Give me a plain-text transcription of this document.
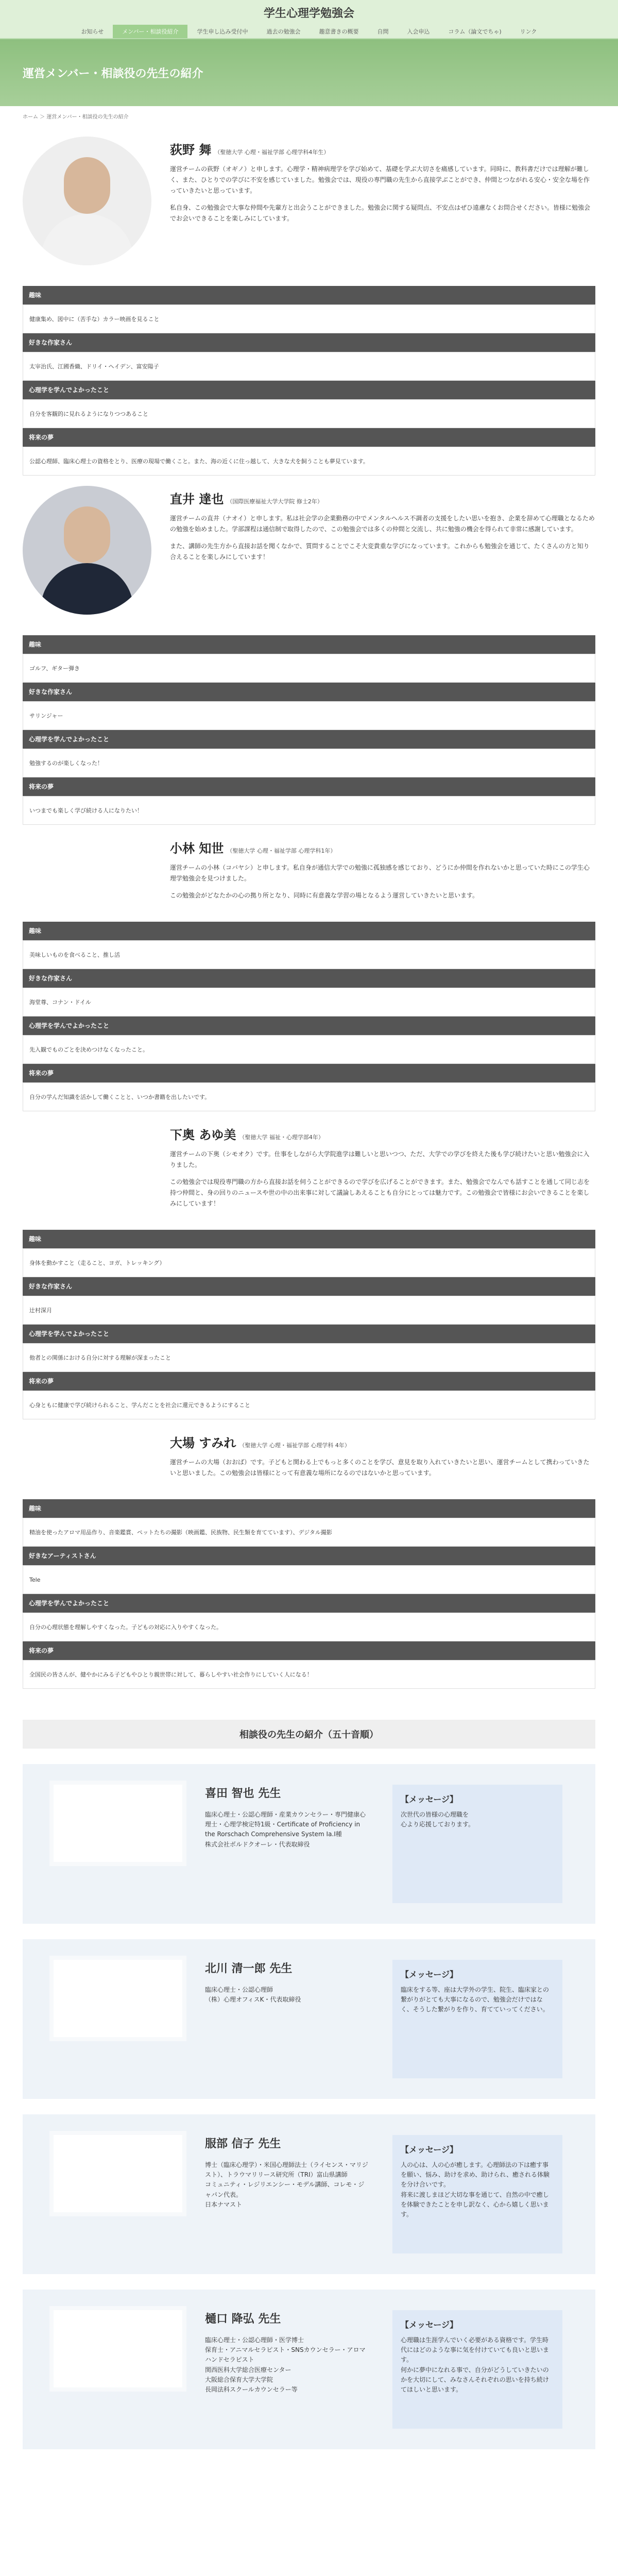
学生心理学勉強会
お知らせ	メンバー・相談役紹介	学生申し込み受付中	過去の勉強会	趣意書きの概要	自問	入会申込	コラム（論文でちゃ)	リンク
運営メンバー・相談役の先生の紹介
ホーム ＞ 運営メンバー・相談役の先生の紹介
荻野 舞 （聖徳大学 心理・福祉学部 心理学科4年生）

運営チームの荻野（オギノ）と申します。心理学・精神病理学を学び始めて、基礎を学ぶ大切さを痛感しています。同時に、教科書だけでは理解が難しく、また、ひとりでの学びに不安を感じていました。勉強会では、現役の専門職の先生から直接学ぶことができ、仲間とつながれる安心・安全な場を作っていきたいと思っています。

私自身、この勉強会で大事な仲間や先輩方と出会うことができました。勉強会に関する疑問点、不安点はぜひ遠慮なくお問合せください。皆様に勉強会でお会いできることを楽しみにしています。

趣味
健康集め、図中に（苦手な）カラー映画を見ること
好きな作家さん
太宰治氏、江國香織、ドリイ・ヘイデン、富安陽子
心理学を学んでよかったこと
自分を客観的に見れるようになりつつあること
将来の夢
公認心理師、臨床心理士の資格をとり、医療の現場で働くこと。また、海の近くに住っ越して、大きな犬を飼うことも夢見ています。
直井 達也 （国際医療福祉大学大学院 修士2年）

運営チームの直井（ナオイ）と申します。私は社会学の企業勤務の中でメンタルヘルス不調者の支援をしたい思いを抱き、企業を辞めて心理職となるための勉強を始めました。学部課程は通信制で取得したので、この勉強会では多くの仲間と交流し、共に勉強の機会を得られて非常に感謝しています。

また、講師の先生方から直接お話を聞くなかで、質問することでこそ大変貴重な学びになっています。これからも勉強会を通じて、たくさんの方と知り合えることを楽しみにしています！

趣味
ゴルフ、ギター弾き
好きな作家さん
サリンジャー
心理学を学んでよかったこと
勉強するのが楽しくなった！
将来の夢
いつまでも楽しく学び続ける人になりたい！
小林 知世 （聖徳大学 心理・福祉学部 心理学科1年）

運営チームの小林（コバヤシ）と申します。私自身が通信大学での勉強に孤独感を感じており、どうにか仲間を作れないかと思っていた時にこの学生心理学勉強会を見つけました。

この勉強会がどなたかの心の拠り所となり、同時に有意義な学習の場となるよう運営していきたいと思います。

趣味
美味しいものを食べること、推し活
好きな作家さん
海堂尊、コナン・ドイル
心理学を学んでよかったこと
先入観でものごとを決めつけなくなったこと。
将来の夢
自分の学んだ知識を活かして働くことと、いつか書籍を出したいです。
下奥 あゆ美 （聖徳大学 福祉・心理学部4年）

運営チームの下奥（シモオク）です。仕事をしながら大学院進学は難しいと思いつつ、ただ、大学での学びを終えた後も学び続けたいと思い勉強会に入りました。

この勉強会では現役専門職の方から直接お話を伺うことができるので学びを広げることができます。また、勉強会でなんでも話すことを通して同じ志を持つ仲間と、身の回りのニュースや世の中の出来事に対して議論しあえることも自分にとっては魅力です。この勉強会で皆様にお会いできることを楽しみにしています！

趣味
身体を動かすこと（走ること、ヨガ、トレッキング）
好きな作家さん
辻村深月
心理学を学んでよかったこと
他者との関係における自分に対する理解が深まったこと
将来の夢
心身ともに健康で学び続けられること、学んだことを社会に還元できるようにすること
大場 すみれ （聖徳大学 心理・福祉学部 心理学科 4年）

運営チームの大場（おおば）です。子どもと関わる上でもっと多くのことを学び、意見を取り入れていきたいと思い、運営チームとして携わっていきたいと思いました。この勉強会は皆様にとって有意義な場所になるのではないかと思っています。

趣味
精油を使ったアロマ用品作り、音楽鑑賞、ペットたちの撮影（映画鑑、民族物、民生類を育てています）、デジタル撮影
好きなアーティストさん
Tele
心理学を学んでよかったこと
自分の心理状態を理解しやすくなった。子どもの対応に入りやすくなった。
将来の夢
全国民の皆さんが、健やかにみる子どもやひとり親世帯に対して、暮らしやすい社会作りにしていく人になる！
相談役の先生の紹介（五十音順）
喜田 智也 先生
臨床心理士・公認心理師・産業カウンセラー・専門健康心理士・心理学検定特1級・Certificate of Proficiency in the Rorschach Comprehensive System Ia.Ⅰ種
株式会社ボルドクオーレ・代表取締役
【メッセージ】
次世代の皆様の心理職を
心より応援しております。
北川 清一郎 先生
臨床心理士・公認心理師
（株）心理オフィスK・代表取締役
【メッセージ】
臨床をする等、座は大学外の学生、院生、臨床家との繋がりがとても大事になるので、勉強会だけではなく、そうした繋がりを作り、育てていってください。
服部 信子 先生
博士（臨床心理学）・米国心理師法士（ライセンス・マリジスト）、トラウマリリース研究所（TRI）富山県講師
コミュニティ・レジリエンシー・モデル講師、コレモ・ジャパン代表。
日本ナマスト
【メッセージ】
人の心は、人の心が癒します。心理師法の下は癒す事を願い、悩み、助けを求め、助けられ、癒される体験を分け合いです。
将来に渡しまほど大切な事を通じて、自然の中で癒しを体験できたことを申し訳なく、心から嬉しく思います。
樋口 降弘 先生
臨床心理士・公認心理師・医学博士
保育士・アニマルセラピスト・SNSカウンセラー・アロマハンドセラピスト
関西医科大学総合医療センター
大阪総合保育大学大学院
長岡法科スクールカウンセラー等
【メッセージ】
心理職は生涯学んでいく必要がある資格です。学生時代にはどのような事に気を付けていても良いと思います。
何かに夢中になれる事で、自分がどうしていきたいのかを大切にして、みなさんそれぞれの思いを持ち続けてほしいと思います。
